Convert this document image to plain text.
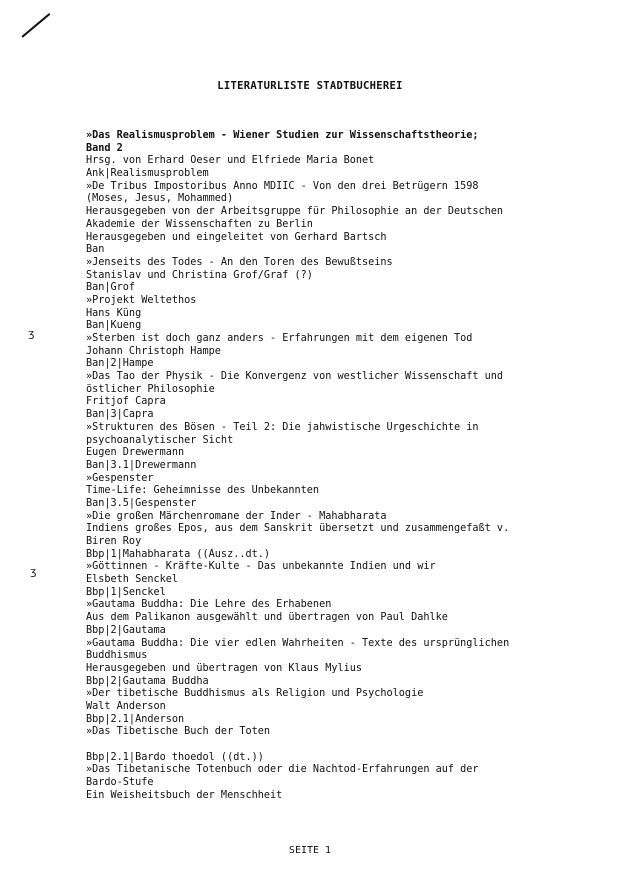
ʒ
ʒ
LITERATURLISTE STADTBUCHEREI
»Das Realismusproblem - Wiener Studien zur Wissenschaftstheorie;
Band 2
Hrsg. von Erhard Oeser und Elfriede Maria Bonet
Ank|Realismusproblem
»De Tribus Impostoribus Anno MDIIC - Von den drei Betrügern 1598
(Moses, Jesus, Mohammed)
Herausgegeben von der Arbeitsgruppe für Philosophie an der Deutschen
Akademie der Wissenschaften zu Berlin
Herausgegeben und eingeleitet von Gerhard Bartsch
Ban
»Jenseits des Todes - An den Toren des Bewußtseins
Stanislav und Christina Grof/Graf (?)
Ban|Grof
»Projekt Weltethos
Hans Küng
Ban|Kueng
»Sterben ist doch ganz anders - Erfahrungen mit dem eigenen Tod
Johann Christoph Hampe
Ban|2|Hampe
»Das Tao der Physik - Die Konvergenz von westlicher Wissenschaft und
östlicher Philosophie
Fritjof Capra
Ban|3|Capra
»Strukturen des Bösen - Teil 2: Die jahwistische Urgeschichte in
psychoanalytischer Sicht
Eugen Drewermann
Ban|3.1|Drewermann
»Gespenster
Time-Life: Geheimnisse des Unbekannten
Ban|3.5|Gespenster
»Die großen Märchenromane der Inder - Mahabharata
Indiens großes Epos, aus dem Sanskrit übersetzt und zusammengefaßt v.
Biren Roy
Bbp|1|Mahabharata ((Ausz..dt.)
»Göttinnen - Kräfte-Kulte - Das unbekannte Indien und wir
Elsbeth Senckel
Bbp|1|Senckel
»Gautama Buddha: Die Lehre des Erhabenen
Aus dem Palikanon ausgewählt und übertragen von Paul Dahlke
Bbp|2|Gautama
»Gautama Buddha: Die vier edlen Wahrheiten - Texte des ursprünglichen
Buddhismus
Herausgegeben und übertragen von Klaus Mylius
Bbp|2|Gautama Buddha
»Der tibetische Buddhismus als Religion und Psychologie
Walt Anderson
Bbp|2.1|Anderson
»Das Tibetische Buch der Toten
Bbp|2.1|Bardo thoedol ((dt.))
»Das Tibetanische Totenbuch oder die Nachtod-Erfahrungen auf der
Bardo-Stufe
Ein Weisheitsbuch der Menschheit
SEITE 1
